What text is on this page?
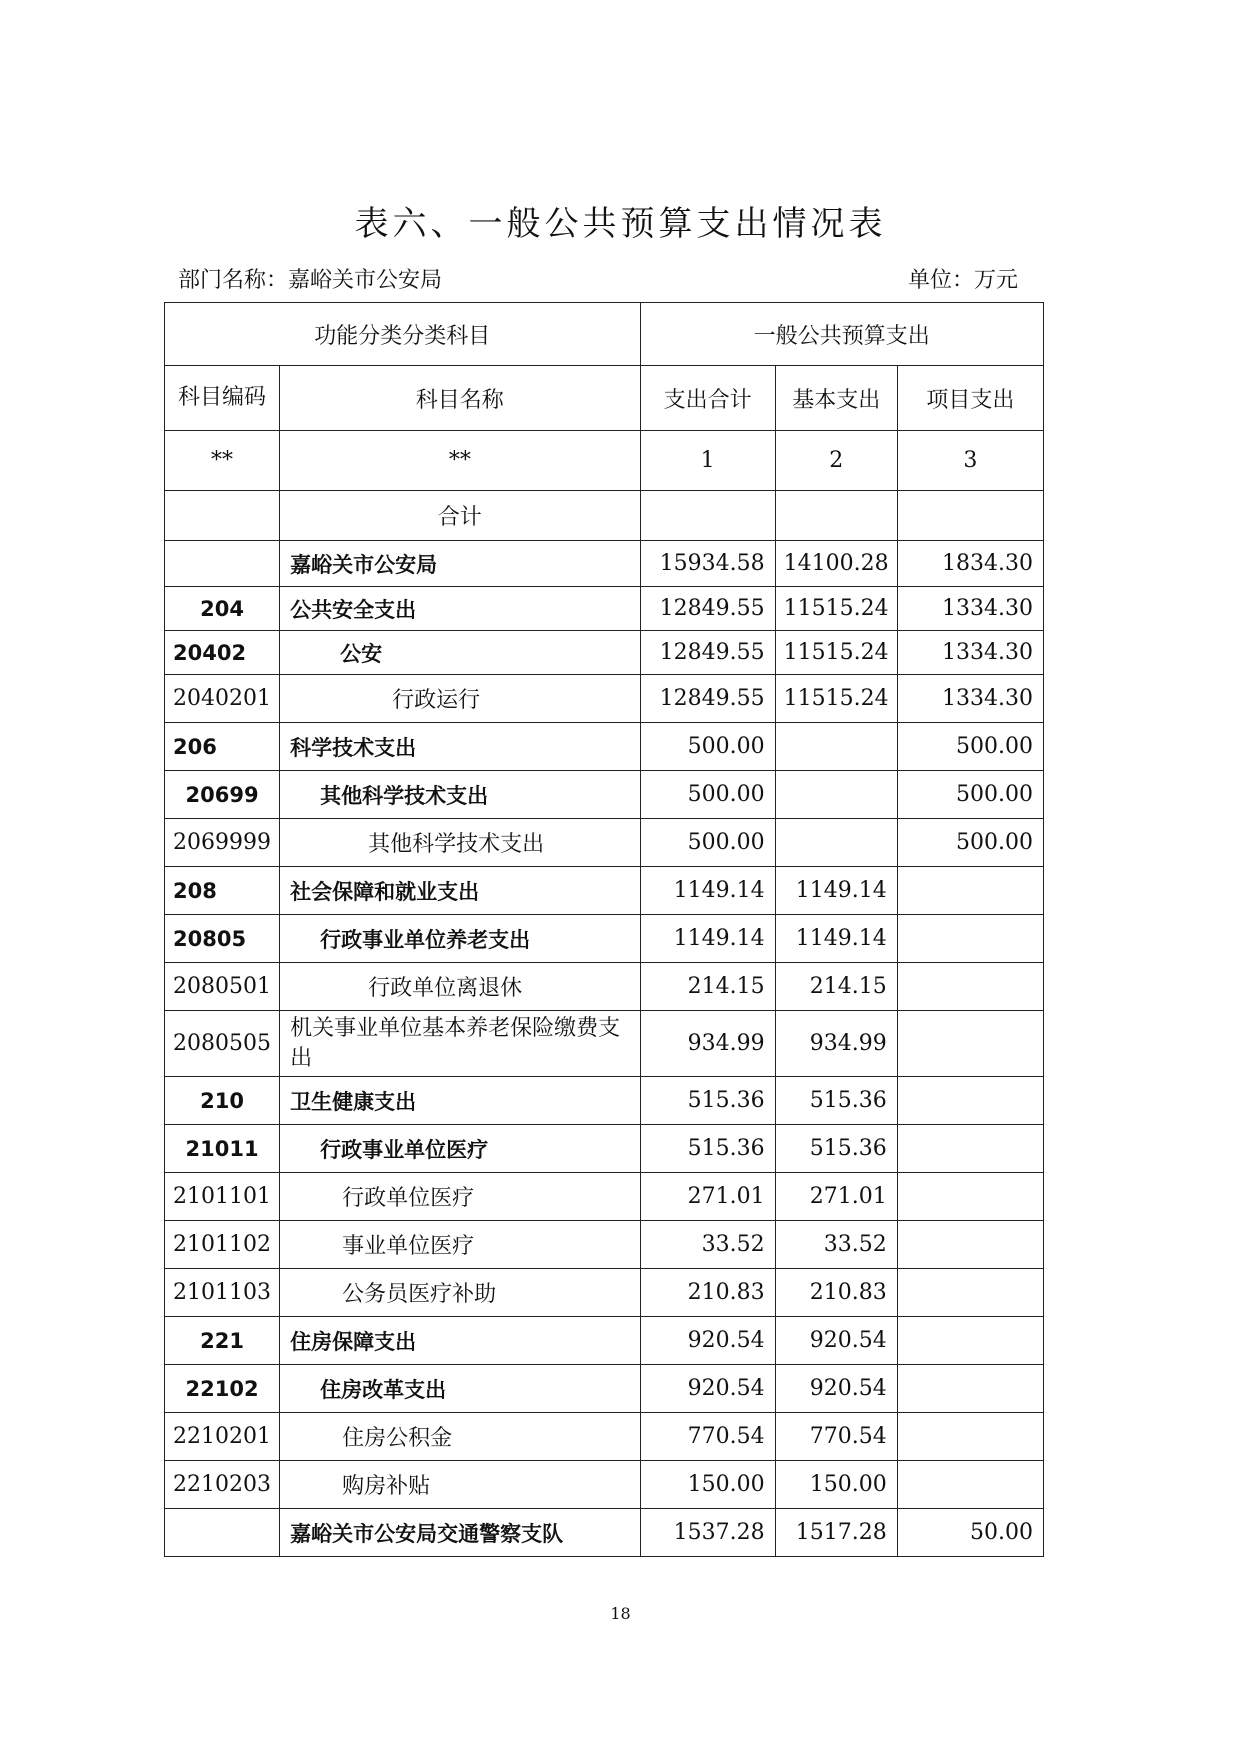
表六、一般公共预算支出情况表
部门名称：嘉峪关市公安局	单位：万元
功能分类分类科目		一般公共预算支出		
科目编码	科目名称	支出合计	基本支出	项目支出
**	**	1	2	3
	合计			
	嘉峪关市公安局	15934.58	14100.28	1834.30
204	公共安全支出	12849.55	11515.24	1334.30
20402	公安	12849.55	11515.24	1334.30
2040201	行政运行	12849.55	11515.24	1334.30
206	科学技术支出	500.00		500.00
20699	其他科学技术支出	500.00		500.00
2069999	其他科学技术支出	500.00		500.00
208	社会保障和就业支出	1149.14	1149.14	
20805	行政事业单位养老支出	1149.14	1149.14	
2080501	行政单位离退休	214.15	214.15	
2080505	机关事业单位基本养老保险缴费支出	934.99	934.99	
210	卫生健康支出	515.36	515.36	
21011	行政事业单位医疗	515.36	515.36	
2101101	行政单位医疗	271.01	271.01	
2101102	事业单位医疗	33.52	33.52	
2101103	公务员医疗补助	210.83	210.83	
221	住房保障支出	920.54	920.54	
22102	住房改革支出	920.54	920.54	
2210201	住房公积金	770.54	770.54	
2210203	购房补贴	150.00	150.00	
	嘉峪关市公安局交通警察支队	1537.28	1517.28	50.00
18
